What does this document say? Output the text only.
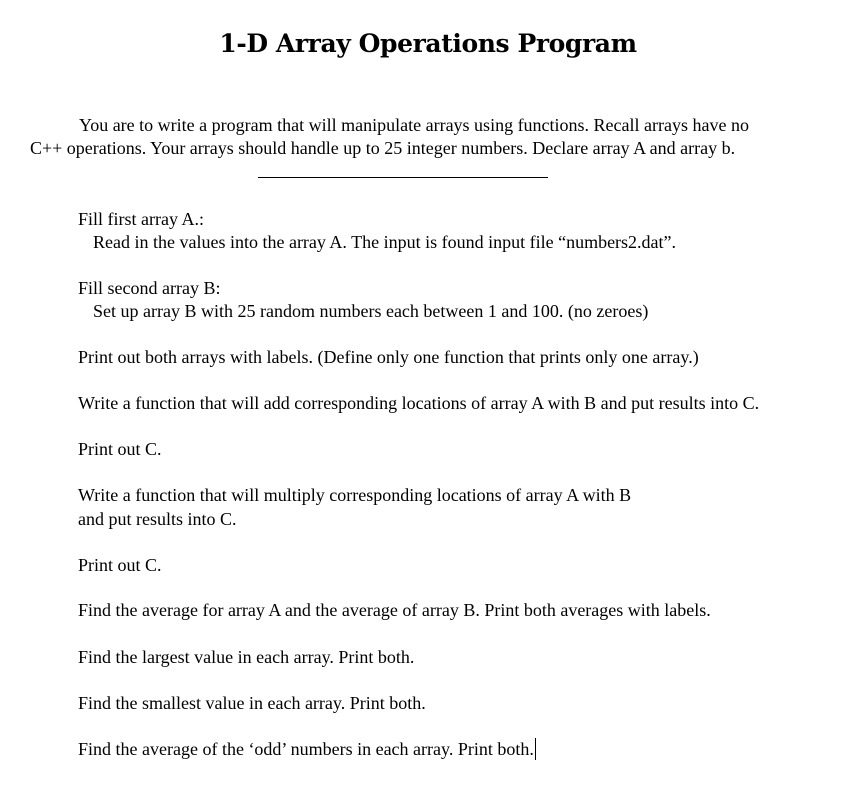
1-D Array Operations Program
You are to write a program that will manipulate arrays using functions. Recall arrays have no
C++ operations. Your arrays should handle up to 25 integer numbers. Declare array A and array b.
Fill first array A.:
Read in the values into the array A. The input is found input file “numbers2.dat”.
Fill second array B:
Set up array B with 25 random numbers each between 1 and 100. (no zeroes)
Print out both arrays with labels. (Define only one function that prints only one array.)
Write a function that will add corresponding locations of array A with B and put results into C.
Print out C.
Write a function that will multiply corresponding locations of array A with B
and put results into C.
Print out C.
Find the average for array A and the average of array B. Print both averages with labels.
Find the largest value in each array. Print both.
Find the smallest value in each array. Print both.
Find the average of the ‘odd’ numbers in each array. Print both.
